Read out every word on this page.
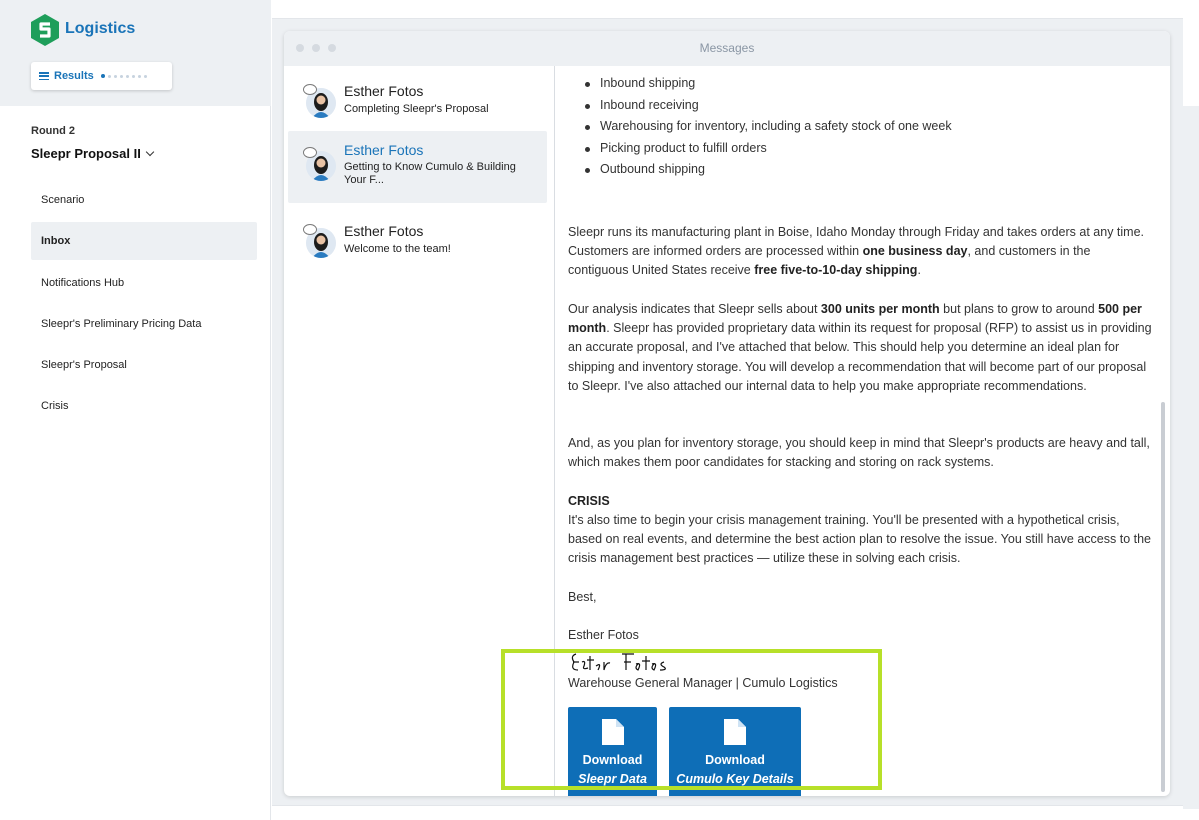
Logistics
Results
Round 2
Sleepr Proposal II
Scenario
Inbox
Notifications Hub
Sleepr's Preliminary Pricing Data
Sleepr's Proposal
Crisis
Messages
Esther Fotos
Completing Sleepr's Proposal
Esther Fotos
Getting to Know Cumulo & Building Your F...
Esther Fotos
Welcome to the team!
Inbound shipping
Inbound receiving
Warehousing for inventory, including a safety stock of one week
Picking product to fulfill orders
Outbound shipping
Sleepr runs its manufacturing plant in Boise, Idaho Monday through Friday and takes orders at any time. Customers are informed orders are processed within one business day, and customers in the contiguous United States receive free five-to-10-day shipping.
Our analysis indicates that Sleepr sells about 300 units per month but plans to grow to around 500 per month. Sleepr has provided proprietary data within its request for proposal (RFP) to assist us in providing an accurate proposal, and I've attached that below. This should help you determine an ideal plan for shipping and inventory storage. You will develop a recommendation that will become part of our proposal to Sleepr. I've also attached our internal data to help you make appropriate recommendations.
And, as you plan for inventory storage, you should keep in mind that Sleepr's products are heavy and tall, which makes them poor candidates for stacking and storing on rack systems.
CRISIS
It's also time to begin your crisis management training. You'll be presented with a hypothetical crisis, based on real events, and determine the best action plan to resolve the issue. You still have access to the crisis management best practices — utilize these in solving each crisis.
Best,
Esther Fotos
Warehouse General Manager | Cumulo Logistics
Download
Sleepr Data
Download
Cumulo Key Details
